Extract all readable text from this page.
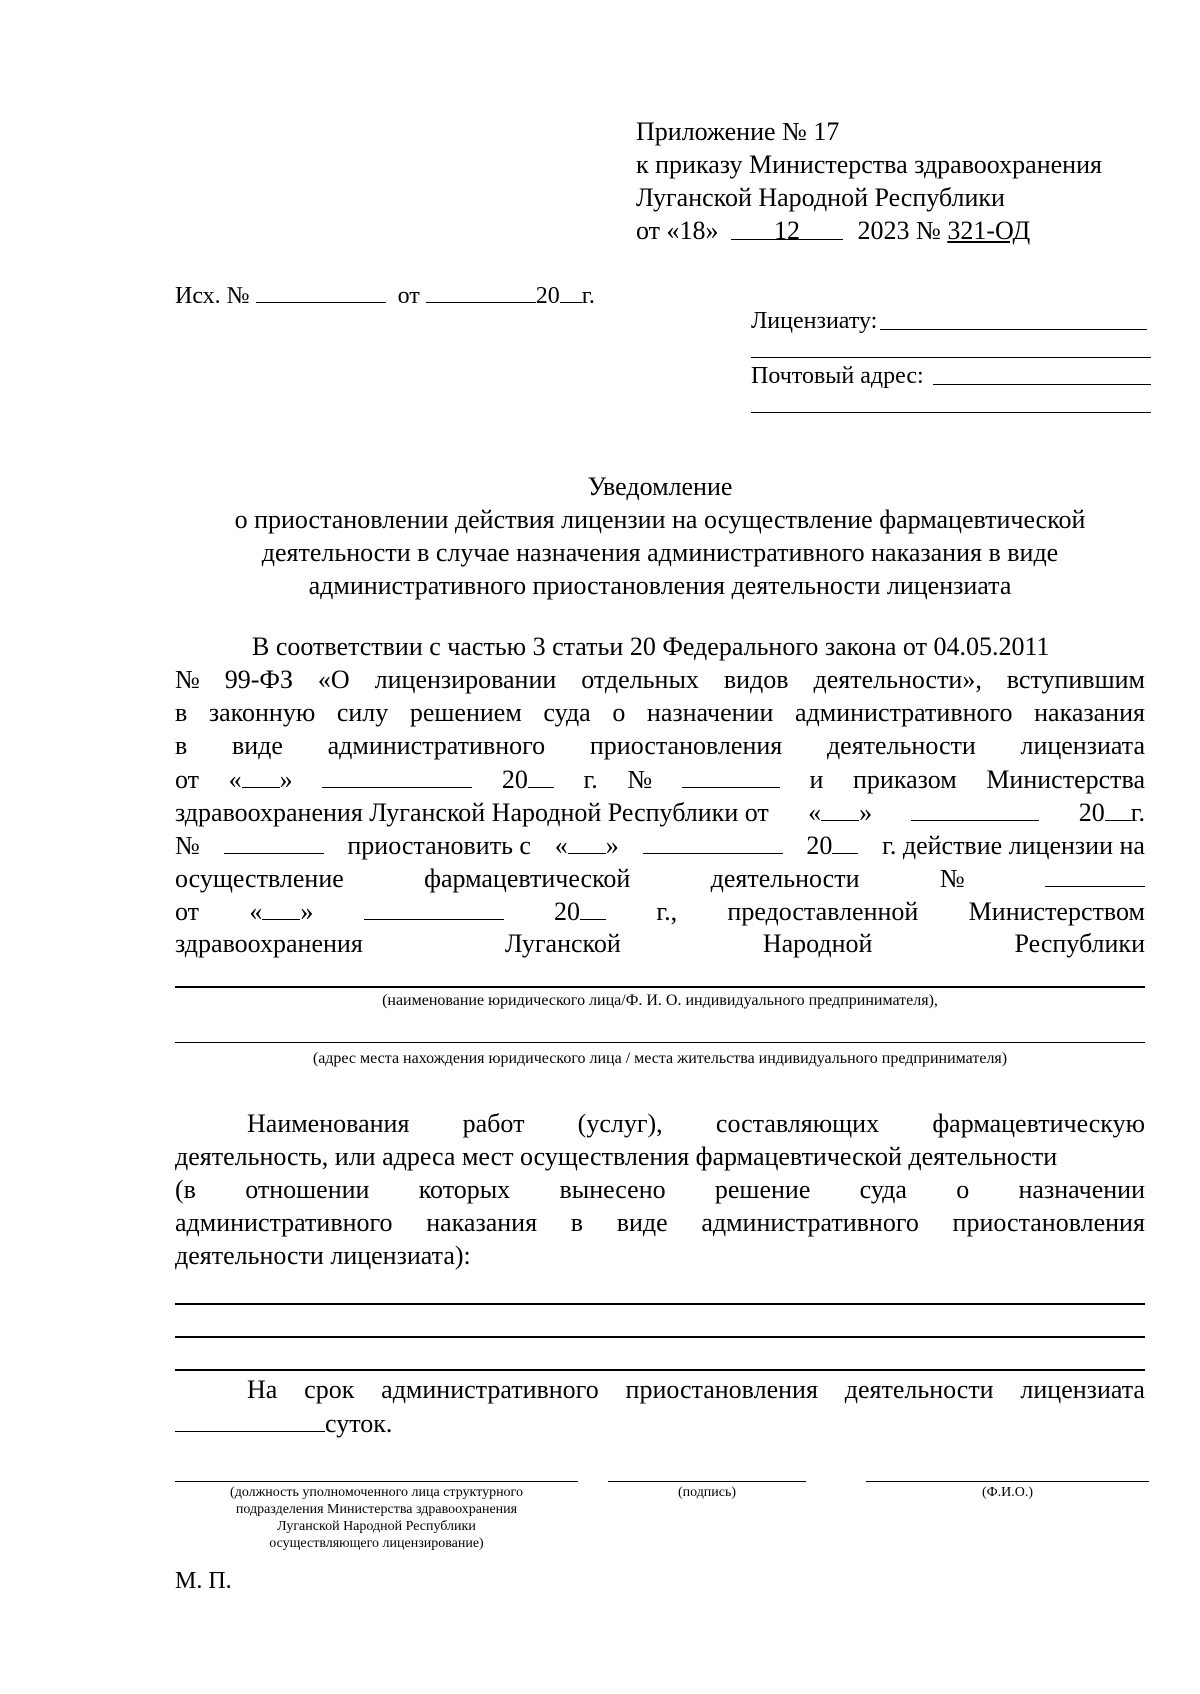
Приложение № 17
к приказу Министерства здравоохранения
Луганской Народной Республики
от «18» 12 2023 № 321-ОД
Исх. №	от	20 г.
Лицензиату:
Почтовый адрес:
Уведомление
о приостановлении действия лицензии на осуществление фармацевтической
деятельности в случае назначения административного наказания в виде
административного приостановления деятельности лицензиата
В соответствии с частью 3 статьи 20 Федерального закона от 04.05.2011
№ 99-ФЗ «О лицензировании отдельных видов деятельности», вступившим
в законную силу решением суда о назначении административного наказания
в виде административного приостановления деятельности лицензиата
от « »	20	г. №	и приказом Министерства
здравоохранения Луганской Народной Республики от « »	20 г.
№	приостановить с « »	20	г. действие лицензии на
осуществление	фармацевтической	деятельности	№
от « »	20	г., предоставленной Министерством
здравоохранения	Луганской	Народной	Республики
(наименование юридического лица/Ф. И. О. индивидуального предпринимателя),
(адрес места нахождения юридического лица / места жительства индивидуального предпринимателя)
Наименования работ (услуг), составляющих фармацевтическую
деятельность, или адреса мест осуществления фармацевтической деятельности
(в отношении которых вынесено решение суда о назначении
административного наказания в виде административного приостановления
деятельности лицензиата):
На срок административного приостановления деятельности лицензиата
суток.
(должность уполномоченного лица структурного
подразделения Министерства здравоохранения
Луганской Народной Республики
осуществляющего лицензирование)
(подпись)	(Ф.И.О.)
М. П.
